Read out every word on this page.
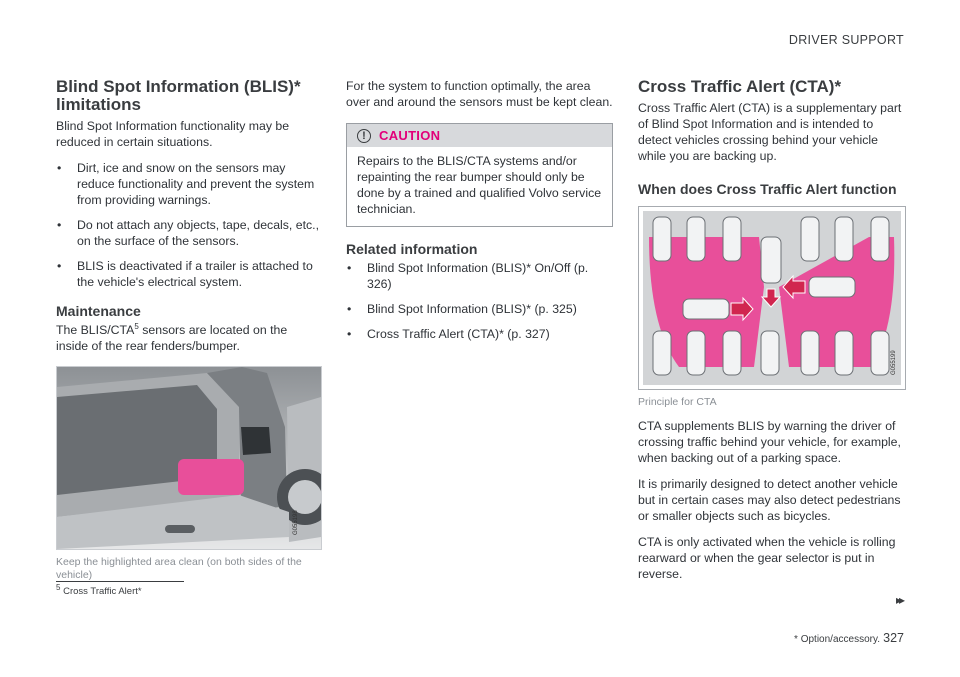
DRIVER SUPPORT
Blind Spot Information (BLIS)* limitations

Blind Spot Information functionality may be reduced in certain situations.

• Dirt, ice and snow on the sensors may reduce functionality and prevent the system from providing warnings.
• Do not attach any objects, tape, decals, etc., on the surface of the sensors.
• BLIS is deactivated if a trailer is attached to the vehicle's electrical system.
Maintenance

The BLIS/CTA$^5$ sensors are located on the inside of the rear fenders/bumper.

G055198
Keep the highlighted area clean (on both sides of the vehicle)

For the system to function optimally, the area over and around the sensors must be kept clean.

!	CAUTION
Repairs to the BLIS/CTA systems and/or repainting the rear bumper should only be done by a trained and qualified Volvo service technician.
Related information
• Blind Spot Information (BLIS)* On/Off (p. 326)
• Blind Spot Information (BLIS)* (p. 325)
• Cross Traffic Alert (CTA)* (p. 327)
Cross Traffic Alert (CTA)*

Cross Traffic Alert (CTA) is a supplementary part of Blind Spot Information and is intended to detect vehicles crossing behind your vehicle while you are backing up.

When does Cross Traffic Alert function
G055199
Principle for CTA

CTA supplements BLIS by warning the driver of crossing traffic behind your vehicle, for example, when backing out of a parking space.

It is primarily designed to detect another vehicle but in certain cases may also detect pedestrians or smaller objects such as bicycles.

CTA is only activated when the vehicle is rolling rearward or when the gear selector is put in reverse.

$^5$ Cross Traffic Alert*
▸▸
* Option/accessory. 327
